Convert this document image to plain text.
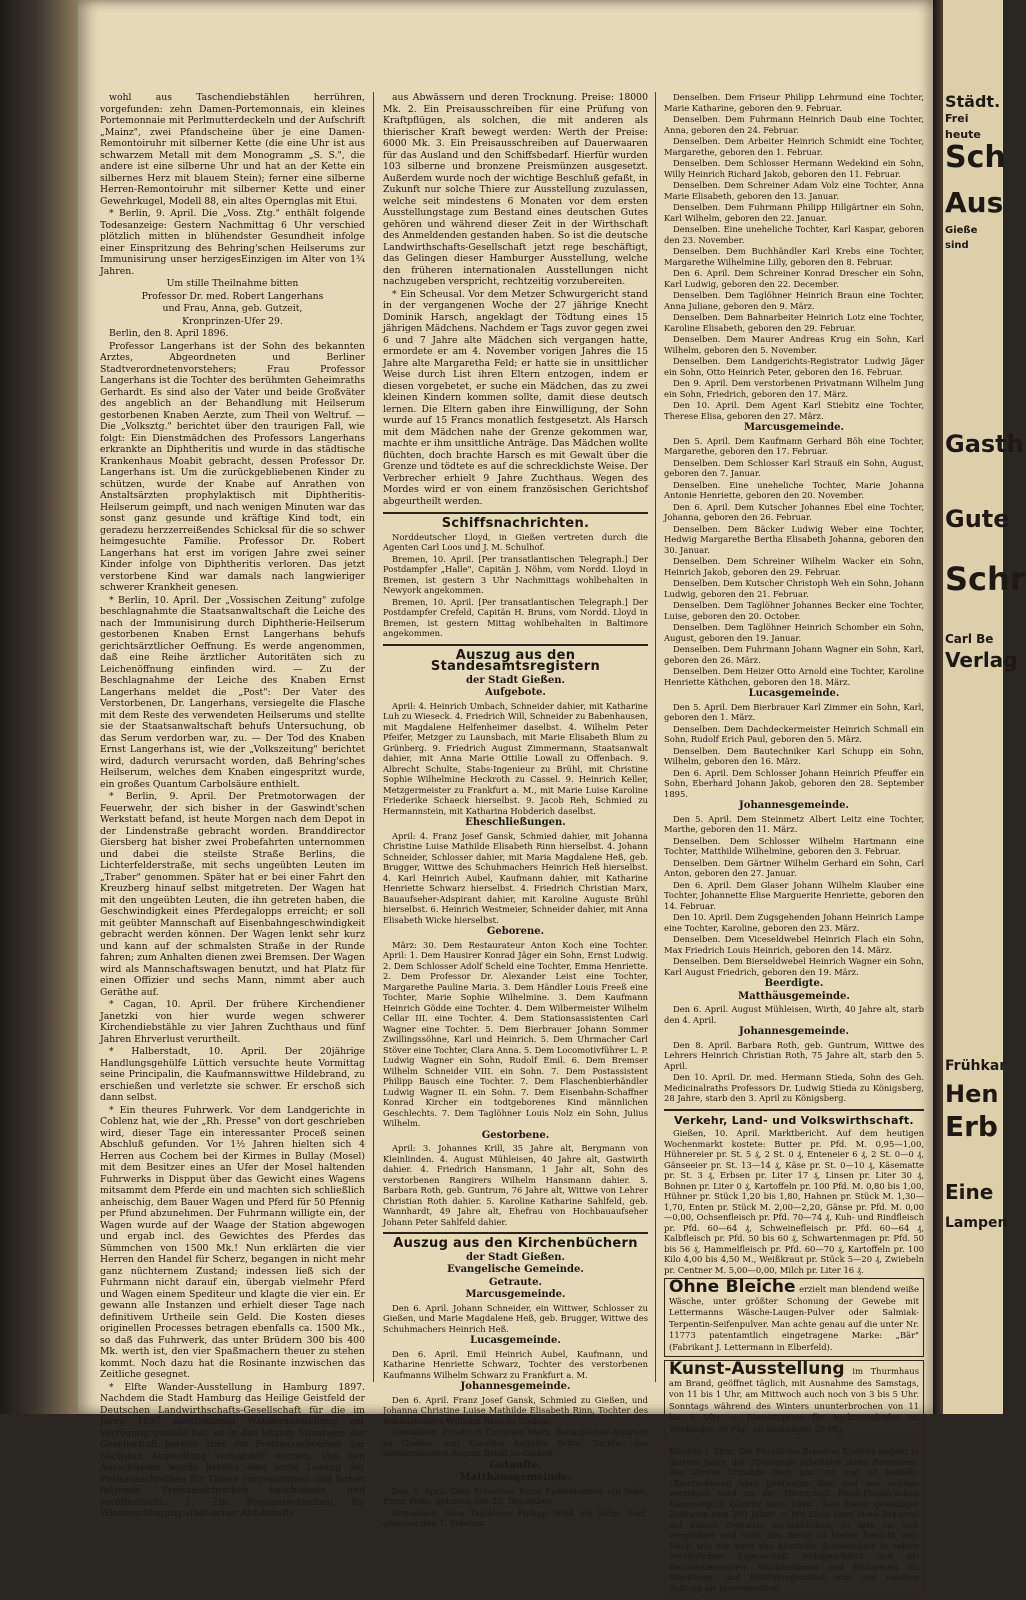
wohl aus Taschendiebstählen herrühren, vorgefunden: zehn Damen-Portemonnais, ein kleines Portemonnaie mit Perlmutterdeckeln und der Aufschrift „Mainz", zwei Pfandscheine über je eine Damen-Remontoiruhr mit silberner Kette (die eine Uhr ist aus schwarzem Metall mit dem Monogramm „S. S.", die andere ist eine silberne Uhr und hat an der Kette ein silbernes Herz mit blauem Stein); ferner eine silberne Herren-Remontoiruhr mit silberner Kette und einer Gewehrkugel, Modell 88, ein altes Opernglas mit Etui.

* Berlin, 9. April. Die „Voss. Ztg." enthält folgende Todesanzeige: Gestern Nachmittag 6 Uhr verschied plötzlich mitten in blühendster Gesundheit infolge einer Einspritzung des Behring'schen Heilserums zur Immunisirung unser herzigesEinzigen im Alter von 1¾ Jahren.

Um stille Theilnahme bitten

Professor Dr. med. Robert Langerhans

und Frau, Anna, geb. Gutzeit,

Kronprinzen-Ufer 29.

Berlin, den 8. April 1896.

Professor Langerhans ist der Sohn des bekannten Arztes, Abgeordneten und Berliner Stadtverordnetenvorstehers; Frau Professor Langerhans ist die Tochter des berühmten Geheimraths Gerhardt. Es sind also der Vater und beide Großväter des angeblich an der Behandlung mit Heilserum gestorbenen Knaben Aerzte, zum Theil von Weltruf. — Die „Volksztg." berichtet über den traurigen Fall, wie folgt: Ein Dienstmädchen des Professors Langerhans erkrankte an Diphtheritis und wurde in das städtische Krankenhaus Moabit gebracht, dessen Professor Dr. Langerhans ist. Um die zurückgebliebenen Kinder zu schützen, wurde der Knabe auf Anrathen von Anstaltsärzten prophylaktisch mit Diphtheritis-Heilserum geimpft, und nach wenigen Minuten war das sonst ganz gesunde und kräftige Kind todt, ein geradezu herzzerreißendes Schicksal für die so schwer heimgesuchte Familie. Professor Dr. Robert Langerhans hat erst im vorigen Jahre zwei seiner Kinder infolge von Diphtheritis verloren. Das jetzt verstorbene Kind war damals nach langwieriger schwerer Krankheit genesen.

* Berlin, 10. April. Der „Vossischen Zeitung" zufolge beschlagnahmte die Staatsanwaltschaft die Leiche des nach der Immunisirung durch Diphtherie-Heilserum gestorbenen Knaben Ernst Langerhans behufs gerichtsärztlicher Oeffnung. Es werde angenommen, daß eine Reihe ärztlicher Autoritäten sich zu Leichenöffnung einfinden wird. — Zu der Beschlagnahme der Leiche des Knaben Ernst Langerhans meldet die „Post": Der Vater des Verstorbenen, Dr. Langerhans, versiegelte die Flasche mit dem Reste des verwendeten Heilserums und stellte sie der Staatsanwaltschaft behufs Untersuchung, ob das Serum verdorben war, zu. — Der Tod des Knaben Ernst Langerhans ist, wie der „Volkszeitung" berichtet wird, dadurch verursacht worden, daß Behring'sches Heilserum, welches dem Knaben eingespritzt wurde, ein großes Quantum Carbolsäure enthielt.

* Berlin, 9. April. Der Pretmotorwagen der Feuerwehr, der sich bisher in der Gaswindt'schen Werkstatt befand, ist heute Morgen nach dem Depot in der Lindenstraße gebracht worden. Branddirector Giersberg hat bisher zwei Probefahrten unternommen und dabei die steilste Straße Berlins, die Lichterfelderstraße, mit sechs ungeübten Leuten im „Traber" genommen. Später hat er bei einer Fahrt den Kreuzberg hinauf selbst mitgetreten. Der Wagen hat mit den ungeübten Leuten, die ihn getreten haben, die Geschwindigkeit eines Pferdegalopps erreicht; er soll mit geübter Mannschaft auf Eisenbahngeschwindigkeit gebracht werden können. Der Wagen lenkt sehr kurz und kann auf der schmalsten Straße in der Runde fahren; zum Anhalten dienen zwei Bremsen. Der Wagen wird als Mannschaftswagen benutzt, und hat Platz für einen Offizier und sechs Mann, nimmt aber auch Geräthe auf.

* Cagan, 10. April. Der frühere Kirchendiener Janetzki von hier wurde wegen schwerer Kirchendiebstähle zu vier Jahren Zuchthaus und fünf Jahren Ehrverlust verurtheilt.

* Halberstadt, 10. April. Der 20jährige Handlungsgehülfe Lüttich versuchte heute Vormittag seine Principalin, die Kaufmannswittwe Hildebrand, zu erschießen und verletzte sie schwer. Er erschoß sich dann selbst.

* Ein theures Fuhrwerk. Vor dem Landgerichte in Coblenz hat, wie der „Rh. Presse" von dort geschrieben wird, dieser Tage ein interessanter Proceß seinen Abschluß gefunden. Vor 1½ Jahren hielten sich 4 Herren aus Cochem bei der Kirmes in Bullay (Mosel) mit dem Besitzer eines an Ufer der Mosel haltenden Fuhrwerks in Dispput über das Gewicht eines Wagens mitsammt dem Pferde ein und machten sich schließlich anheischig, dem Bauer Wagen und Pferd für 50 Pfennig per Pfund abzunehmen. Der Fuhrmann willigte ein, der Wagen wurde auf der Waage der Station abgewogen und ergab incl. des Gewichtes des Pferdes das Sümmchen von 1500 Mk.! Nun erklärten die vier Herren den Handel für Scherz, begangen in nicht mehr ganz nüchternem Zustand; indessen ließ sich der Fuhrmann nicht darauf ein, übergab vielmehr Pferd und Wagen einem Spediteur und klagte die vier ein. Er gewann alle Instanzen und erhielt dieser Tage nach definitivem Urtheile sein Geld. Die Kosten dieses originellen Processes betragen ebenfalls ca. 1500 Mk., so daß das Fuhrwerk, das unter Brüdern 300 bis 400 Mk. werth ist, den vier Spaßmachern theuer zu stehen kommt. Noch dazu hat die Rosinante inzwischen das Zeitliche gesegnet.

* Elfte Wander-Ausstellung in Hamburg 1897. Nachdem die Stadt Hamburg das Heilige Geistfeld der Deutschen Landwirthschafts-Gesellschaft für die im Jahre 1897 stattfindende Wanderausstellung zur Verfügung gestellt hat, ist in den letzten Sitzungen der Gesellschaft bereits über die Preisausschreiben der nächsten Ausstellung verhandelt worden. Von den Ausschüssen wurde bereits eine erste Lesung der Preisausschreiben für Thiere vorgenommen und ferner folgende Preisausschreiben beschlossen und veröffentlicht: 1. Ein Preisausschreiben für Wiederschlagung städtischer Abfallstoffe

aus Abwässern und deren Trocknung. Preise: 18000 Mk. 2. Ein Preisausschreiben für eine Prüfung von Kraftpflügen, als solchen, die mit anderen als thierischer Kraft bewegt werden: Werth der Preise: 6000 Mk. 3. Ein Preisausschreiben auf Dauerwaaren für das Ausland und den Schiffsbedarf. Hierfür wurden 103 silberne und bronzene Preismünzen ausgesetzt. Außerdem wurde noch der wichtige Beschluß gefaßt, in Zukunft nur solche Thiere zur Ausstellung zuzulassen, welche seit mindestens 6 Monaten vor dem ersten Ausstellungstage zum Bestand eines deutschen Gutes gehören und während dieser Zeit in der Wirthschaft des Anmeldenden gestanden haben. So ist die deutsche Landwirthschafts-Gesellschaft jetzt rege beschäftigt, das Gelingen dieser Hamburger Ausstellung, welche den früheren internationalen Ausstellungen nicht nachzugeben verspricht, rechtzeitig vorzubereiten.

* Ein Scheusal. Vor dem Metzer Schwurgericht stand in der vergangenen Woche der 27 jährige Knecht Dominik Harsch, angeklagt der Tödtung eines 15 jährigen Mädchens. Nachdem er Tags zuvor gegen zwei 6 und 7 Jahre alte Mädchen sich vergangen hatte, ermordete er am 4. November vorigen Jahres die 15 Jahre alte Margaretha Feld; er hatte sie in unsittlicher Weise durch List ihren Eltern entzogen, indem er diesen vorgebetet, er suche ein Mädchen, das zu zwei kleinen Kindern kommen sollte, damit diese deutsch lernen. Die Eltern gaben ihre Einwilligung, der Sohn wurde auf 15 Francs monatlich festgesetzt. Als Harsch mit dem Mädchen nahe der Grenze gekommen war, machte er ihm unsittliche Anträge. Das Mädchen wollte flüchten, doch brachte Harsch es mit Gewalt über die Grenze und tödtete es auf die schrecklichste Weise. Der Verbrecher erhielt 9 Jahre Zuchthaus. Wegen des Mordes wird er von einem französischen Gerichtshof abgeurtheilt werden.

Schiffsnachrichten.

Norddeutscher Lloyd, in Gießen vertreten durch die Agenten Carl Loos und J. M. Schulhof.

Bremen, 10. April. [Per transatlantischen Telegraph.] Der Postdampfer „Halle", Capitän J. Nöhm, vom Nordd. Lloyd in Bremen, ist gestern 3 Uhr Nachmittags wohlbehalten in Newyork angekommen.

Bremen, 10. April. [Per transatlantischen Telegraph.] Der Postdampfer Crefeld, Capitän H. Bruns, vom Nordd. Lloyd in Bremen, ist gestern Mittag wohlbehalten in Baltimore angekommen.

Auszug aus den Standesamtsregistern
der Stadt Gießen.
Aufgebote.

April: 4. Heinrich Umbach, Schneider dahier, mit Katharine Luh zu Wieseck. 4. Friedrich Will, Schneider zu Babenhausen, mit Magdalene Helfenheimer daselbst. 4. Wilhelm Peter Pfeifer, Metzger zu Launsbach, mit Marie Elisabeth Blum zu Grünberg. 9. Friedrich August Zimmermann, Staatsanwalt dahier, mit Anna Marie Ottilie Lowall zu Offenbach. 9. Albrecht Schulte, Stabs-Ingenieur zu Brühl, mit Christine Sophie Wilhelmine Heckroth zu Cassel. 9. Heinrich Keller, Metzgermeister zu Frankfurt a. M., mit Marie Luise Karoline Friederike Schaeck hierselbst. 9. Jacob Reh, Schmied zu Hermannstein, mit Katharina Hobderich daselbst.

Eheschließungen.

April: 4. Franz Josef Gansk, Schmied dahier, mit Johanna Christine Luise Mathilde Elisabeth Rinn hierselbst. 4. Johann Schneider, Schlosser dahier, mit Maria Magdalene Heß, geb. Brugger, Wittwe des Schuhmachers Heinrich Heß hierselbst. 4. Karl Heinrich Aubel, Kaufmann dahier, mit Katharine Henriette Schwarz hierselbst. 4. Friedrich Christian Marx, Bauaufseher-Adspirant dahier, mit Karoline Auguste Brühl hierselbst. 6. Heinrich Westmeier, Schneider dahier, mit Anna Elisabeth Wicke hierselbst.

Geborene.

März: 30. Dem Restaurateur Anton Koch eine Tochter. April: 1. Dem Hausirer Konrad Jäger ein Sohn, Ernst Ludwig. 2. Dem Schlosser Adolf Scheld eine Tochter, Emma Henriette. 2. Dem Professor Dr. Alexander Leist eine Tochter, Margarethe Pauline Maria. 3. Dem Händler Louis Freeß eine Tochter, Marie Sophie Wilhelmine. 3. Dem Kaufmann Heinrich Gödde eine Tochter. 4. Dem Wilbermeister Wilhelm Cellar III. eine Tochter. 4. Dem Stationsassistenten Carl Wagner eine Tochter. 5. Dem Bierbrauer Johann Sommer Zwillingssöhne, Karl und Heinrich. 5. Dem Uhrmacher Carl Stöver eine Tochter, Clara Anna. 5. Dem Locomotivführer L. P. Ludwig Wagner ein Sohn, Rudolf Emil. 6. Dem Bremser Wilhelm Schneider VIII. ein Sohn. 7. Dem Postassistent Philipp Bausch eine Tochter. 7. Dem Flaschenbierhändler Ludwig Wagner II. ein Sohn. 7. Dem Eisenbahn-Schaffner Konrad Kircher ein todtgeborenes Kind männlichen Geschlechts. 7. Dem Taglöhner Louis Nolz ein Sohn, Julius Wilhelm.

Gestorbene.

April: 3. Johannes Krill, 35 Jahre alt, Bergmann von Kleinlinden. 4. August Mühleisen, 40 Jahre alt, Gastwirth dahier. 4. Friedrich Hansmann, 1 Jahr alt, Sohn des verstorbenen Rangirers Wilhelm Hansmann dahier. 5. Barbara Roth, geb. Guntrum, 76 Jahre alt, Wittwe von Lehrer Christian Roth dahier. 5. Karoline Katharine Sahlfeld, geb. Wannhardt, 49 Jahre alt, Ehefrau von Hochbauaufseher Johann Peter Sahlfeld dahier.

Auszug aus den Kirchenbüchern
der Stadt Gießen.
Evangelische Gemeinde.
Getraute.
Marcusgemeinde.

Den 6. April. Johann Schneider, ein Wittwer, Schlosser zu Gießen, und Marie Magdalene Heß, geb. Brugger, Wittwe des Schuhmachers Heinrich Heß.

Lucasgemeinde.

Den 6. April. Emil Heinrich Aubel, Kaufmann, und Katharine Henriette Schwarz, Tochter des verstorbenen Kaufmanns Wilhelm Schwarz zu Frankfurt a. M.

Johannesgemeinde.

Den 6. April. Franz Josef Gansk, Schmied zu Gießen, und Johanna Christine Luise Mathilde Elisabeth Rinn, Tochter des Bahnarbeiters Wilhelm Rinn zu Gießen.

Denselben. Friedrich Christian Marx, Bauaufseher-Aspirant zu Gießen, und Karoline Auguste Brühl, Tochter des Sattlermeisters August Brühl zu Gießen.

Getaufte.
Matthäusgemeinde.

Den 5. April. Dem Schreiner Ernst Falkenheimer ein Sohn, Ernst Peter, geboren den 23. December.

Denselben. Dem Taglöhner Philipp Weiß ein Sohn, Karl, geboren den 7. Februar.

Denselben. Dem Friseur Philipp Lehrmund eine Tochter, Marie Katharine, geboren den 9. Februar.

Denselben. Dem Fuhrmann Heinrich Daub eine Tochter, Anna, geboren den 24. Februar.

Denselben. Dem Arbeiter Heinrich Schmidt eine Tochter, Margarethe, geboren den 1. Februar.

Denselben. Dem Schlosser Hermann Wedekind ein Sohn, Willy Heinrich Richard Jakob, geboren den 11. Februar.

Denselben. Dem Schreiner Adam Volz eine Tochter, Anna Marie Elisabeth, geboren den 13. Januar.

Denselben. Dem Fuhrmann Philipp Hillgärtner ein Sohn, Karl Wilhelm, geboren den 22. Januar.

Denselben. Eine uneheliche Tochter, Karl Kaspar, geboren den 23. November.

Denselben. Dem Buchhändler Karl Krebs eine Tochter, Margarethe Wilhelmine Lilly, geboren den 8. Februar.

Den 6. April. Dem Schreiner Konrad Drescher ein Sohn, Karl Ludwig, geboren den 22. December.

Denselben. Dem Taglöhner Heinrich Braun eine Tochter, Anna Juliane, geboren den 9. März.

Denselben. Dem Bahnarbeiter Heinrich Lotz eine Tochter, Karoline Elisabeth, geboren den 29. Februar.

Denselben. Dem Maurer Andreas Krug ein Sohn, Karl Wilhelm, geboren den 5. November.

Denselben. Dem Landgerichts-Registrator Ludwig Jäger ein Sohn, Otto Heinrich Peter, geboren den 16. Februar.

Den 9. April. Dem verstorbenen Privatmann Wilhelm Jung ein Sohn, Friedrich, geboren den 17. März.

Den 10. April. Dem Agent Karl Stiebitz eine Tochter, Therese Elisa, geboren den 27. März.

Marcusgemeinde.

Den 5. April. Dem Kaufmann Gerhard Böh eine Tochter, Margarethe, geboren den 17. Februar.

Denselben. Dem Schlosser Karl Strauß ein Sohn, August, geboren den 7. Januar.

Denselben. Eine uneheliche Tochter, Marie Johanna Antonie Henriette, geboren den 20. November.

Den 6. April. Dem Kutscher Johannes Ebel eine Tochter, Johanna, geboren den 26. Februar.

Denselben. Dem Bäcker Ludwig Weber eine Tochter, Hedwig Margarethe Bertha Elisabeth Johanna, geboren den 30. Januar.

Denselben. Dem Schreiner Wilhelm Wacker ein Sohn, Heinrich Jakob, geboren den 29. Februar.

Denselben. Dem Kutscher Christoph Weh ein Sohn, Johann Ludwig, geboren den 21. Februar.

Denselben. Dem Taglöhner Johannes Becker eine Tochter, Luise, geboren den 20. October.

Denselben. Dem Taglöhner Heinrich Schomber ein Sohn, August, geboren den 19. Januar.

Denselben. Dem Fuhrmann Johann Wagner ein Sohn, Karl, geboren den 26. März.

Denselben. Dem Heizer Otto Arnold eine Tochter, Karoline Henriette Käthchen, geboren den 18. März.

Lucasgemeinde.

Den 5. April. Dem Bierbrauer Karl Zimmer ein Sohn, Karl, geboren den 1. März.

Denselben. Dem Dachdeckermeister Heinrich Schmall ein Sohn, Rudolf Erich Paul, geboren den 5. März.

Denselben. Dem Bautechniker Karl Schupp ein Sohn, Wilhelm, geboren den 16. März.

Den 6. April. Dem Schlosser Johann Heinrich Pfeuffer ein Sohn, Eberhard Johann Jakob, geboren den 28. September 1895.

Johannesgemeinde.

Den 5. April. Dem Steinmetz Albert Leitz eine Tochter, Marthe, geboren den 11. März.

Denselben. Dem Schlosser Wilhelm Hartmann eine Tochter, Matthilde Wilhelmine, geboren den 3. Februar.

Denselben. Dem Gärtner Wilhelm Gerhard ein Sohn, Carl Anton, geboren den 27. Januar.

Den 6. April. Dem Glaser Johann Wilhelm Klauber eine Tochter, Johannette Elise Marguerite Henriette, geboren den 14. Februar.

Den 10. April. Dem Zugsgehenden Johann Heinrich Lampe eine Tochter, Karoline, geboren den 23. März.

Denselben. Dem Viceseldwebel Heinrich Flach ein Sohn, Max Friedrich Louis Heinrich, geboren den 14. März.

Denselben. Dem Bierseldwebel Heinrich Wagner ein Sohn, Karl August Friedrich, geboren den 19. März.

Beerdigte.
Matthäusgemeinde.

Den 6. April. August Mühleisen, Wirth, 40 Jahre alt, starb den 4. April.

Johannesgemeinde.

Den 8. April. Barbara Roth, geb. Guntrum, Wittwe des Lehrers Heinrich Christian Roth, 75 Jahre alt, starb den 5. April.

Den 10. April. Dr. med. Hermann Stieda, Sohn des Geh. Medicinalraths Professors Dr. Ludwig Stieda zu Königsberg, 28 Jahre, starb den 3. April zu Königsberg.

Verkehr, Land- und Volkswirthschaft.

Gießen, 10. April. Marktbericht. Auf dem heutigen Wochenmarkt kostete: Butter pr. Pfd. M. 0,95—1,00, Hühnereier pr. St. 5 ₰, 2 St. 0 ₰, Enteneier 6 ₰, 2 St. 0—0 ₰, Gänseeier pr. St. 13—14 ₰, Käse pr. St. 0—10 ₰, Käsematte pr. St. 3 ₰, Erbsen pr. Liter 17 ₰, Linsen pr. Liter 30 ₰, Bohnen pr. Liter 0 ₰, Kartoffeln pr. 100 Pfd. M. 0,80 bis 1,00, Hühner pr. Stück 1,20 bis 1,80, Hahnen pr. Stück M. 1,30—1,70, Enten pr. Stück M. 2,00—2,20, Gänse pr. Pfd. M. 0,00—0,00, Ochsenfleisch pr. Pfd. 70—74 ₰, Kuh- und Rindfleisch pr. Pfd. 60—64 ₰, Schweinefleisch pr. Pfd. 60—64 ₰, Kalbfleisch pr. Pfd. 50 bis 60 ₰, Schwartenmagen pr. Pfd. 50 bis 56 ₰, Hammelfleisch pr. Pfd. 60—70 ₰, Kartoffeln pr. 100 Kilo 4,00 bis 4,50 M., Weißkraut pr. Stück 5—20 ₰, Zwiebeln pr. Centner M. 5,00—0,00, Milch pr. Liter 16 ₰.

Ohne Bleiche erzielt man blendend weiße Wäsche, unter größter Schonung der Gewebe mit Lettermanns Wäsche-Laugen-Pulver oder Salmiak-Terpentin-Seifenpulver. Man achte genau auf die unter Nr. 11773 patentamtlich eingetragene Marke: „Bär" (Fabrikant J. Lettermann in Elberfeld).
Kunst-Ausstellung im Thurmhaus am Brand, geöffnet täglich, mit Ausnahme des Samstags, von 11 bis 1 Uhr, am Mittwoch auch noch von 3 bis 5 Uhr. Sonntags während des Winters ununterbrochen von 11 bis 5 Uhr. — Eintrittspreis für Nichtmitglieder an Werktagen 50 Pfg., an Sonntagen 20 Pfg.
Köstritz i. Thür. Die Fürstliche Brauerei Köstritz begeht in diesem Jahre die 200jährige Jubelfeier ihres Bestehens. Die älteste Urkunde liegt uns vor und ist betitelt: „Bierrechnung über gebrautes Bier und wie solches verzehret wird an der Herrschaft Reuß-Plauen'schen Kammerguth Köstritz anno 1696". Seit dieser gewaltiger Zeitraum sind 200 Jahre! — Mit Stolz kann diese Brauerei auf diesen Zeitraum zurückblicken, in dem sie sich vergrößert und stets das Beste zu bieten bemüht war. Nach wie vor wird das köstliche Schwarzbier in seiner vorzüglichen Eigenschaft wohlgeschätzt und als Reconvalescenten, Wöchnerinnen und Blutarmen als Stärkungs- und Kräftigungsmittel sein und unserer Zeitung als Inseratentheil.
Städt.
Frei
heute
Sch
Aus
Gieße
sind
Gasth
Gute
Schr
Carl Be
Verlag
Frühkar
Hen
Erb
Eine
Lampen
